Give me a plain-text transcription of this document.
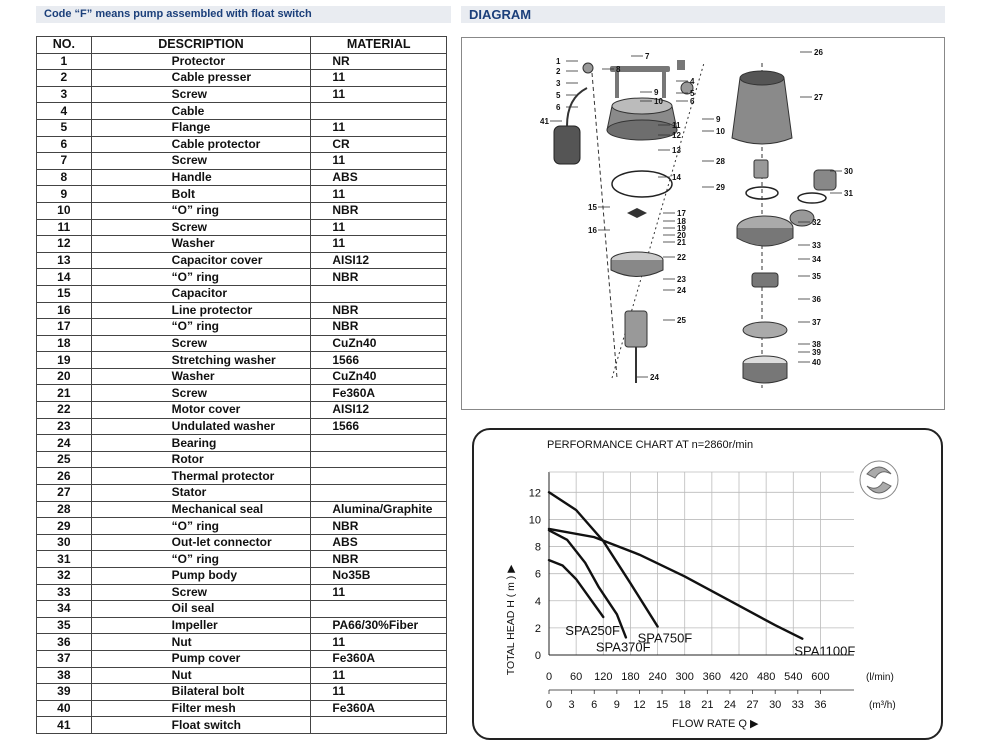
Code “F” means pump assembled with float switch	DIAGRAM
NO.	DESCRIPTION	MATERIAL
1	Protector	NR
2	Cable presser	11
3	Screw	11
4	Cable	
5	Flange	11
6	Cable protector	CR
7	Screw	11
8	Handle	ABS
9	Bolt	11
10	“O” ring	NBR
11	Screw	11
12	Washer	11
13	Capacitor cover	AISI12
14	“O” ring	NBR
15	Capacitor	
16	Line protector	NBR
17	“O” ring	NBR
18	Screw	CuZn40
19	Stretching washer	1566
20	Washer	CuZn40
21	Screw	Fe360A
22	Motor cover	AISI12
23	Undulated washer	1566
24	Bearing	
25	Rotor	
26	Thermal protector	
27	Stator	
28	Mechanical seal	Alumina/Graphite
29	“O” ring	NBR
30	Out-let connector	ABS
31	“O” ring	NBR
32	Pump body	No35B
33	Screw	11
34	Oil seal	
35	Impeller	PA66/30%Fiber
36	Nut	11
37	Pump cover	Fe360A
38	Nut	11
39	Bilateral bolt	11
40	Filter mesh	Fe360A
41	Float switch	
1
2
3
5
6
41
7
8
4
9
10
5
6
11
12
13
14
15
16
17
18
19
20
21
22
23
24
25
24
26
27
9
10
28
29
30
31
32
33
34
35
36
37
38
39
40
PERFORMANCE CHART AT n=2860r/min
SPA250F
SPA370F
SPA750F
SPA1100F
0 60 120 180 240 300 360 420 480 540 600
0
2
4
6
8
10
12
0 3 6 9 12 15 18 21 24 27 30 33 36
TOTAL HEAD H ( m ) ▶
FLOW RATE Q ▶
(l/min)
(m³/h)
